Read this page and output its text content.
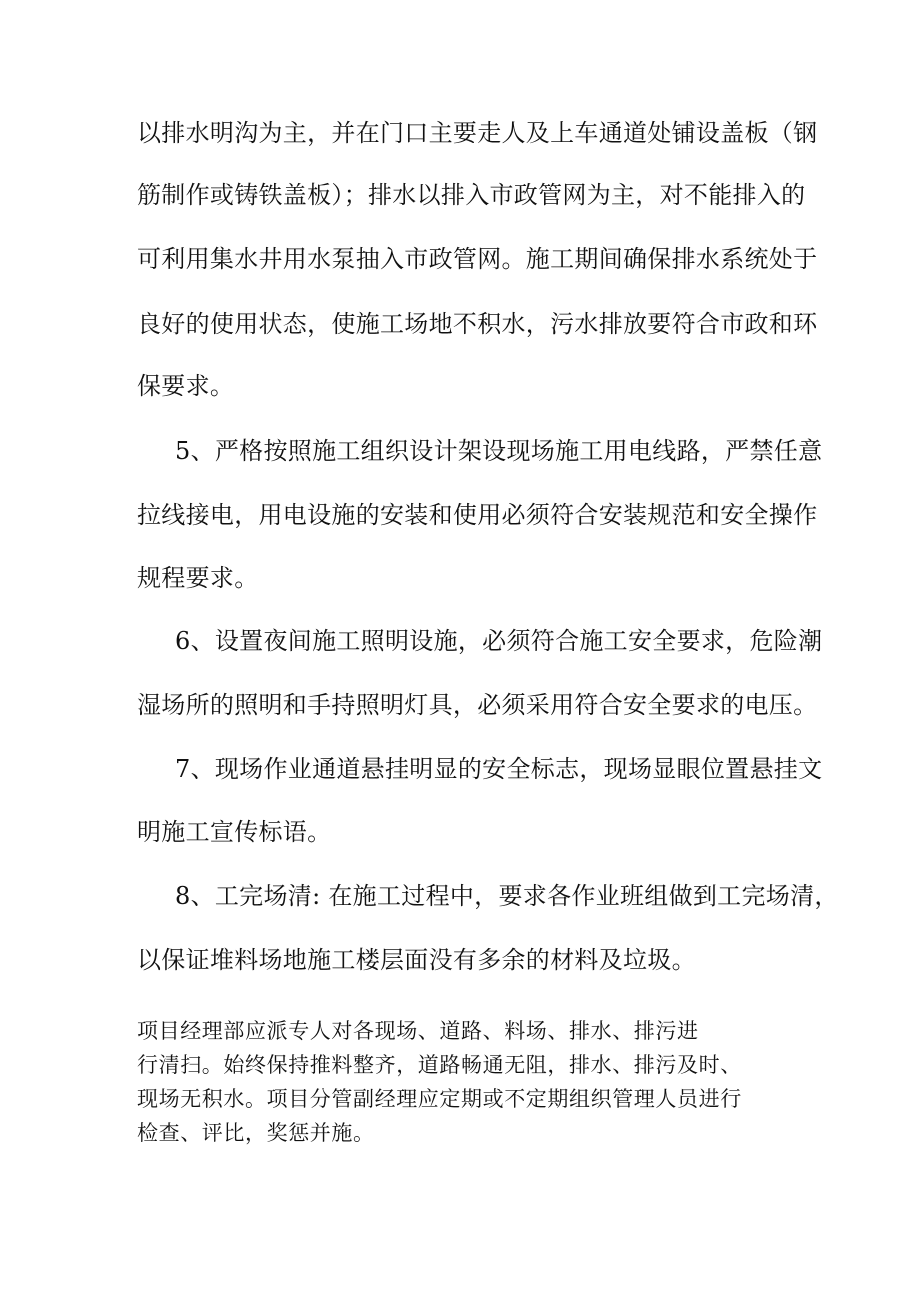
以排水明沟为主，并在门口主要走人及上车通道处铺设盖板（钢
筋制作或铸铁盖板）；排水以排入市政管网为主，对不能排入的
可利用集水井用水泵抽入市政管网。施工期间确保排水系统处于
良好的使用状态，使施工场地不积水，污水排放要符合市政和环
保要求。
5、严格按照施工组织设计架设现场施工用电线路，严禁任意
拉线接电，用电设施的安装和使用必须符合安装规范和安全操作
规程要求。
6、设置夜间施工照明设施，必须符合施工安全要求，危险潮
湿场所的照明和手持照明灯具，必须采用符合安全要求的电压。
7、现场作业通道悬挂明显的安全标志，现场显眼位置悬挂文
明施工宣传标语。
8、工完场清: 在施工过程中，要求各作业班组做到工完场清，
以保证堆料场地施工楼层面没有多余的材料及垃圾。
项目经理部应派专人对各现场、道路、料场、排水、排污进
行清扫。始终保持推料整齐，道路畅通无阻，排水、排污及时、
现场无积水。项目分管副经理应定期或不定期组织管理人员进行
检查、评比，奖惩并施。
